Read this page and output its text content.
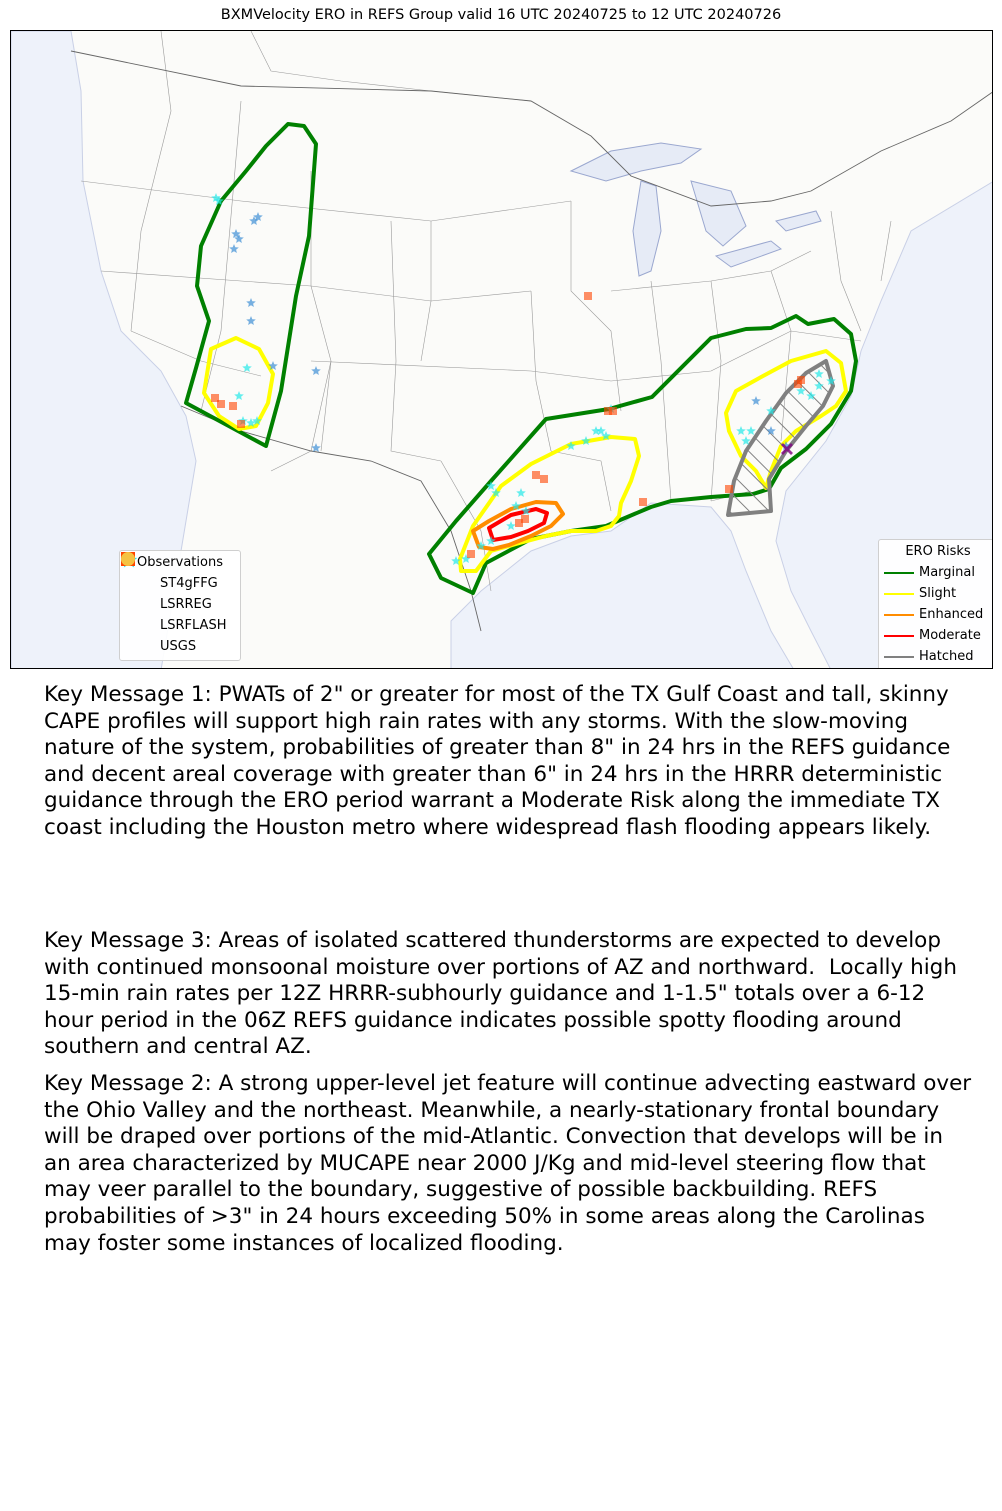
BXMVelocity ERO in REFS Group valid 16 UTC 20240725 to 12 UTC 20240726
Observations
ST4gFFG
LSRREG
LSRFLASH
USGS
ERO Risks
Marginal
Slight
Enhanced
Moderate
Hatched
Key Message 1: PWATs of 2" or greater for most of the TX Gulf Coast and tall, skinny CAPE profiles will support high rain rates with any storms. With the slow-moving nature of the system, probabilities of greater than 8" in 24 hrs in the REFS guidance and decent areal coverage with greater than 6" in 24 hrs in the HRRR deterministic guidance through the ERO period warrant a Moderate Risk along the immediate TX coast including the Houston metro where widespread flash flooding appears likely.
Key Message 3: Areas of isolated scattered thunderstorms are expected to develop with continued monsoonal moisture over portions of AZ and northward.  Locally high 15-min rain rates per 12Z HRRR-subhourly guidance and 1-1.5" totals over a 6-12 hour period in the 06Z REFS guidance indicates possible spotty flooding around southern and central AZ.
Key Message 2: A strong upper-level jet feature will continue advecting eastward over the Ohio Valley and the northeast. Meanwhile, a nearly-stationary frontal boundary will be draped over portions of the mid-Atlantic. Convection that develops will be in an area characterized by MUCAPE near 2000 J/Kg and mid-level steering flow that may veer parallel to the boundary, suggestive of possible backbuilding. REFS probabilities of >3" in 24 hours exceeding 50% in some areas along the Carolinas may foster some instances of localized flooding.
